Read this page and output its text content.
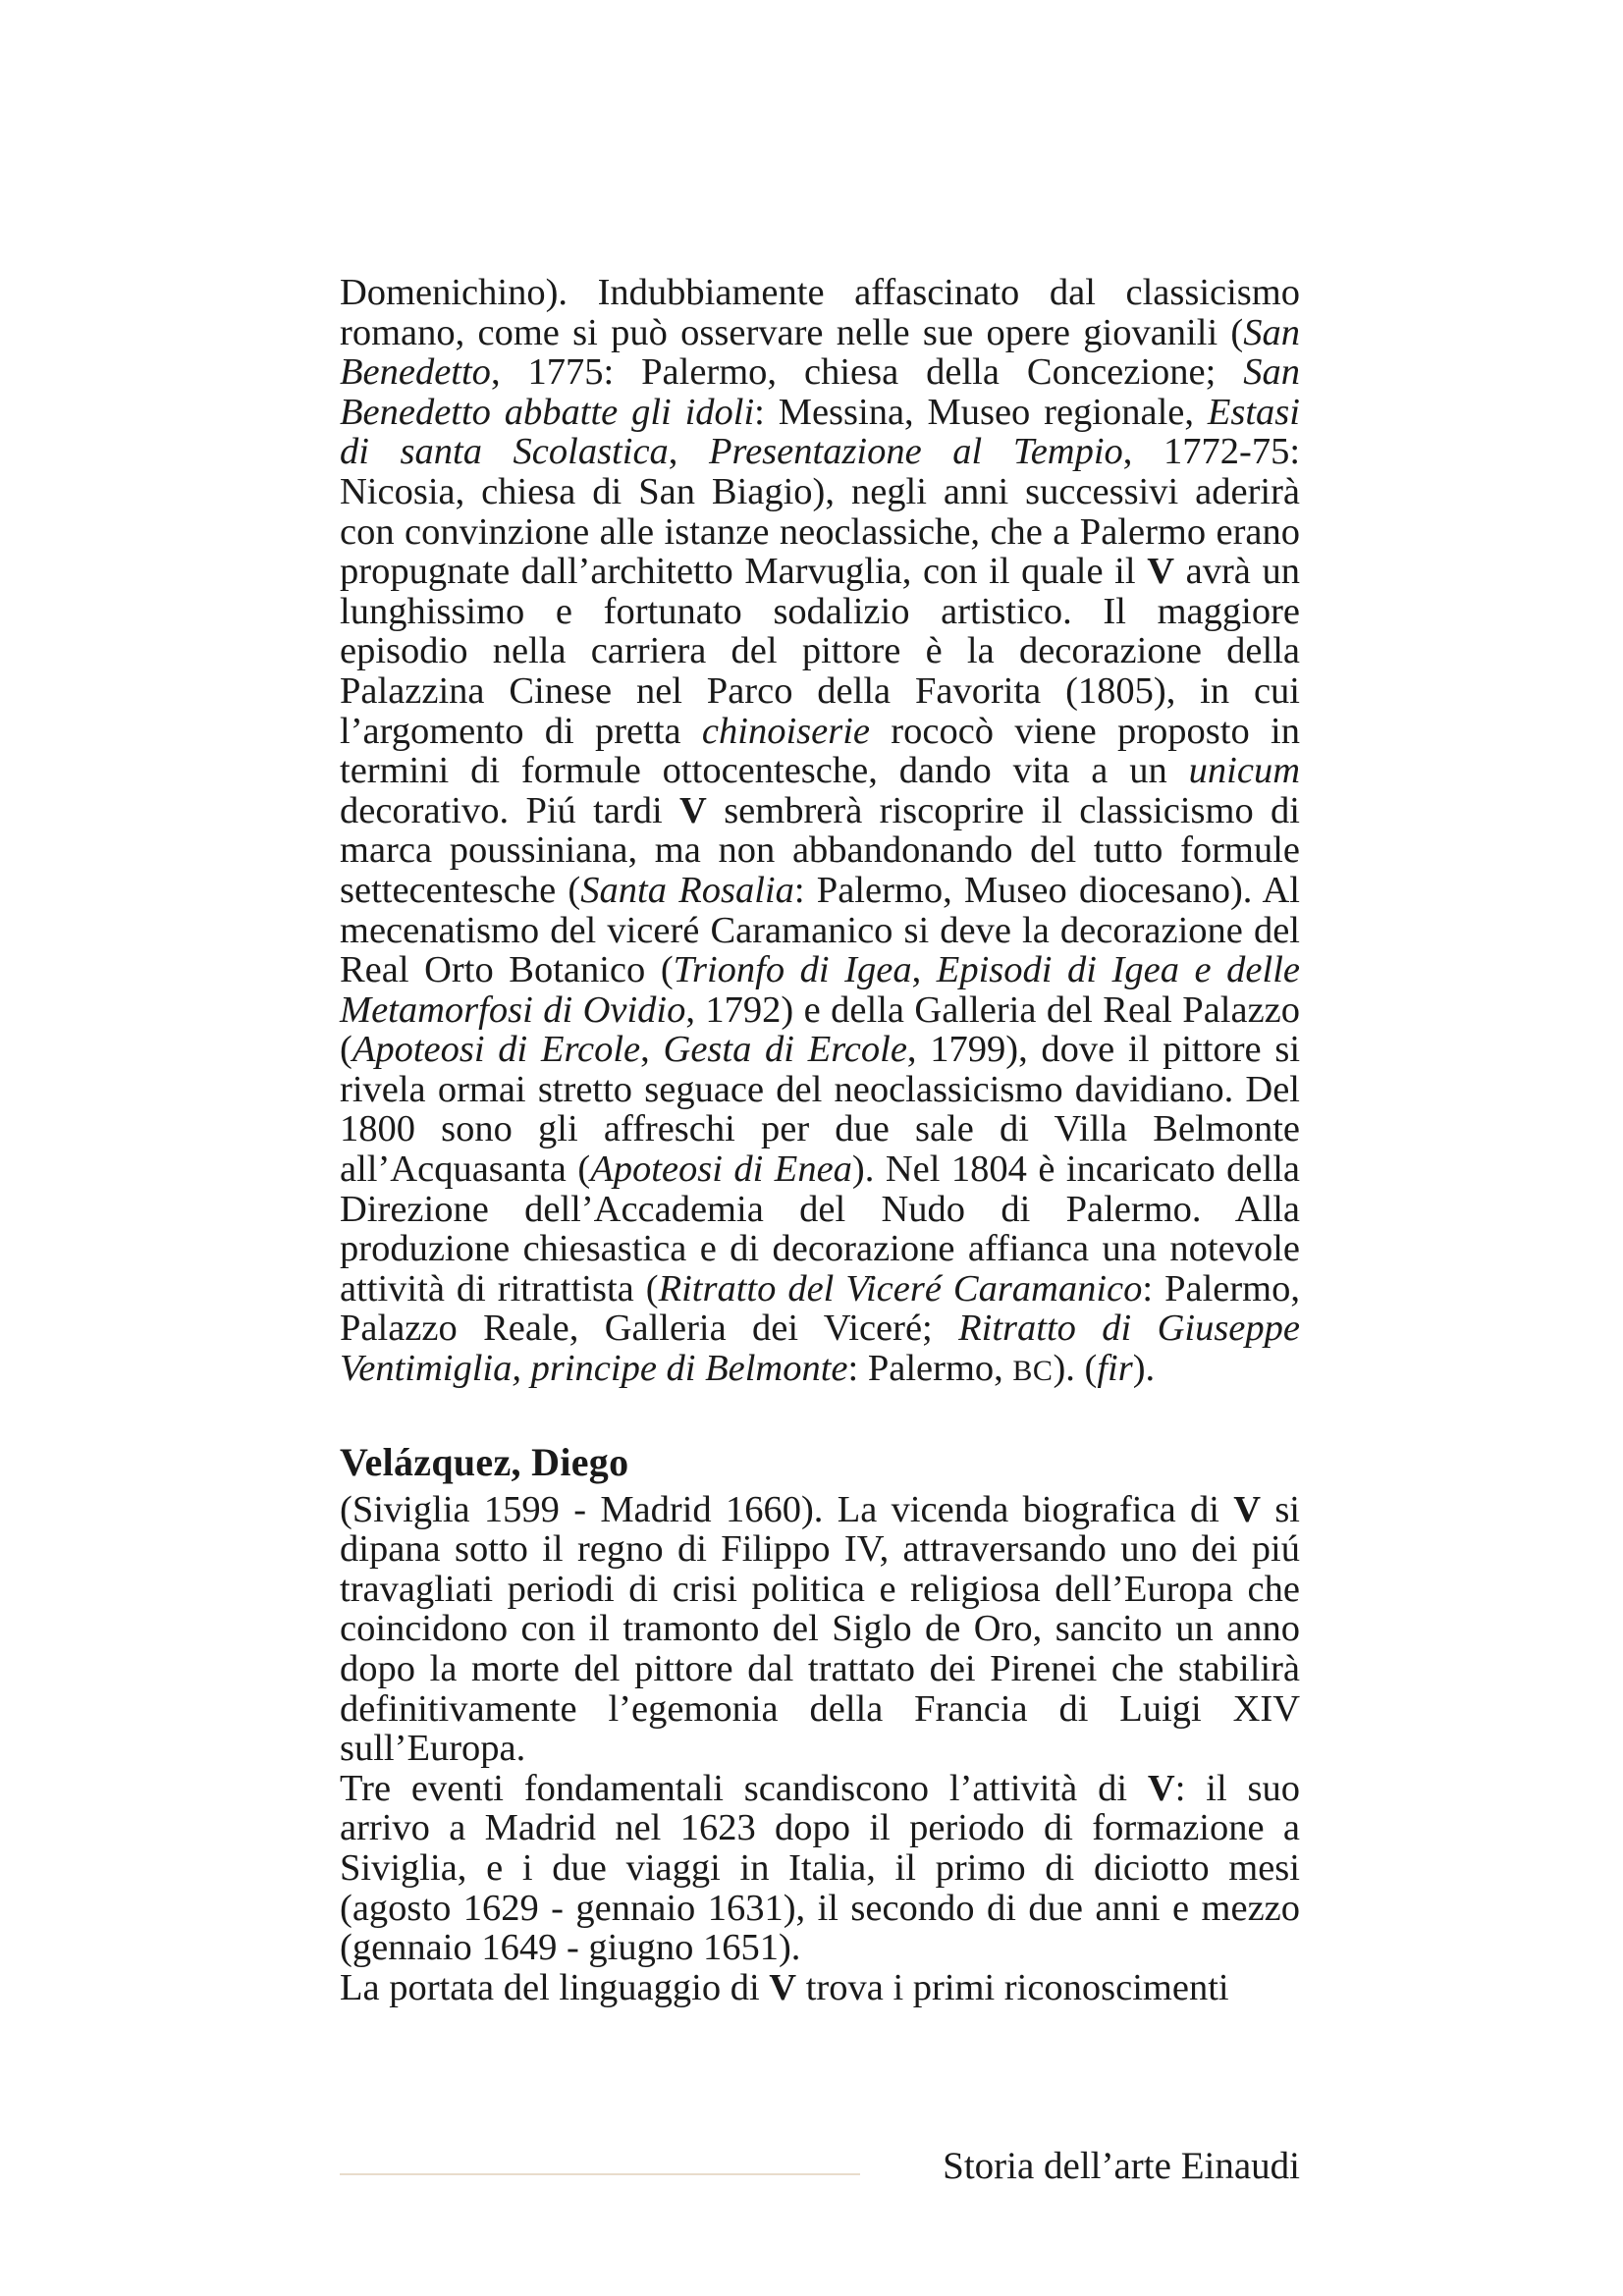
Domenichino). Indubbiamente affascinato dal classicismo romano, come si può osservare nelle sue opere giovanili (San Benedetto, 1775: Palermo, chiesa della Concezione; San Benedetto abbatte gli idoli: Messina, Museo regionale, Estasi di santa Scolastica, Presentazione al Tempio, 1772-75: Nicosia, chiesa di San Biagio), negli anni successivi aderirà con convinzione alle istanze neoclassiche, che a Palermo erano propugnate dall’architetto Marvuglia, con il quale il V avrà un lunghissimo e fortunato sodalizio artistico. Il maggiore episodio nella carriera del pittore è la decorazione della Palazzina Cinese nel Parco della Favorita (1805), in cui l’argomento di pretta chinoiserie rococò viene proposto in termini di formule ottocentesche, dando vita a un unicum decorativo. Piú tardi V sembrerà riscoprire il classicismo di marca poussiniana, ma non abbandonando del tutto formule settecentesche (Santa Rosalia: Palermo, Museo diocesano). Al mecenatismo del viceré Caramanico si deve la decorazione del Real Orto Botanico (Trionfo di Igea, Episodi di Igea e delle Metamorfosi di Ovidio, 1792) e della Galleria del Real Palazzo (Apoteosi di Ercole, Gesta di Ercole, 1799), dove il pittore si rivela ormai stretto seguace del neoclassicismo davidiano. Del 1800 sono gli affreschi per due sale di Villa Belmonte all’Acquasanta (Apoteosi di Enea). Nel 1804 è incaricato della Direzione dell’Accademia del Nudo di Palermo. Alla produzione chiesastica e di decorazione affianca una notevole attività di ritrattista (Ritratto del Viceré Caramanico: Palermo, Palazzo Reale, Galleria dei Viceré; Ritratto di Giuseppe Ventimiglia, principe di Belmonte: Palermo, BC). (fir).

Velázquez, Diego

(Siviglia 1599 - Madrid 1660). La vicenda biografica di V si dipana sotto il regno di Filippo IV, attraversando uno dei piú travagliati periodi di crisi politica e religiosa dell’Europa che coincidono con il tramonto del Siglo de Oro, sancito un anno dopo la morte del pittore dal trattato dei Pirenei che stabilirà definitivamente l’egemonia della Francia di Luigi XIV sull’Europa.

Tre eventi fondamentali scandiscono l’attività di V: il suo arrivo a Madrid nel 1623 dopo il periodo di formazione a Siviglia, e i due viaggi in Italia, il primo di diciotto mesi (agosto 1629 - gennaio 1631), il secondo di due anni e mezzo (gennaio 1649 - giugno 1651).

La portata del linguaggio di V trova i primi riconoscimenti

Storia dell’arte Einaudi
